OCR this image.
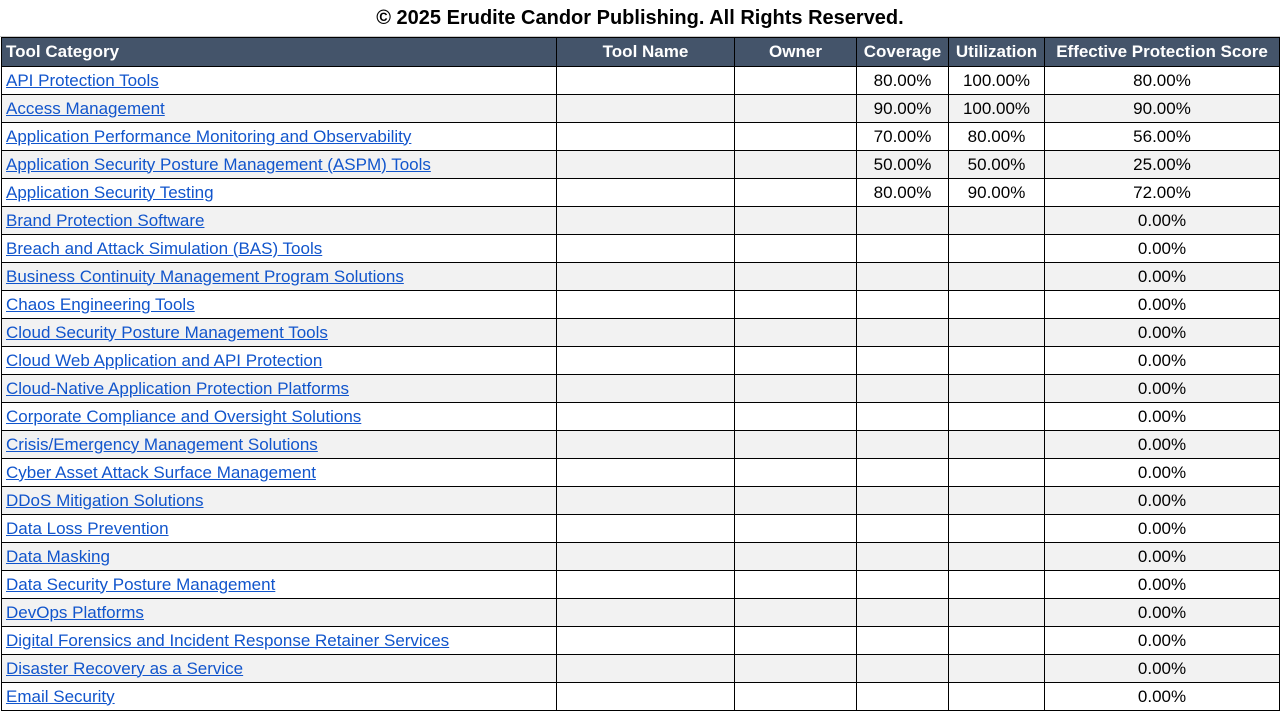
© 2025 Erudite Candor Publishing. All Rights Reserved.
Tool Category	Tool Name	Owner	Coverage	Utilization	Effective Protection Score
API Protection Tools			80.00%	100.00%	80.00%
Access Management			90.00%	100.00%	90.00%
Application Performance Monitoring and Observability			70.00%	80.00%	56.00%
Application Security Posture Management (ASPM) Tools			50.00%	50.00%	25.00%
Application Security Testing			80.00%	90.00%	72.00%
Brand Protection Software					0.00%
Breach and Attack Simulation (BAS) Tools					0.00%
Business Continuity Management Program Solutions					0.00%
Chaos Engineering Tools					0.00%
Cloud Security Posture Management Tools					0.00%
Cloud Web Application and API Protection					0.00%
Cloud-Native Application Protection Platforms					0.00%
Corporate Compliance and Oversight Solutions					0.00%
Crisis/Emergency Management Solutions					0.00%
Cyber Asset Attack Surface Management					0.00%
DDoS Mitigation Solutions					0.00%
Data Loss Prevention					0.00%
Data Masking					0.00%
Data Security Posture Management					0.00%
DevOps Platforms					0.00%
Digital Forensics and Incident Response Retainer Services					0.00%
Disaster Recovery as a Service					0.00%
Email Security					0.00%
